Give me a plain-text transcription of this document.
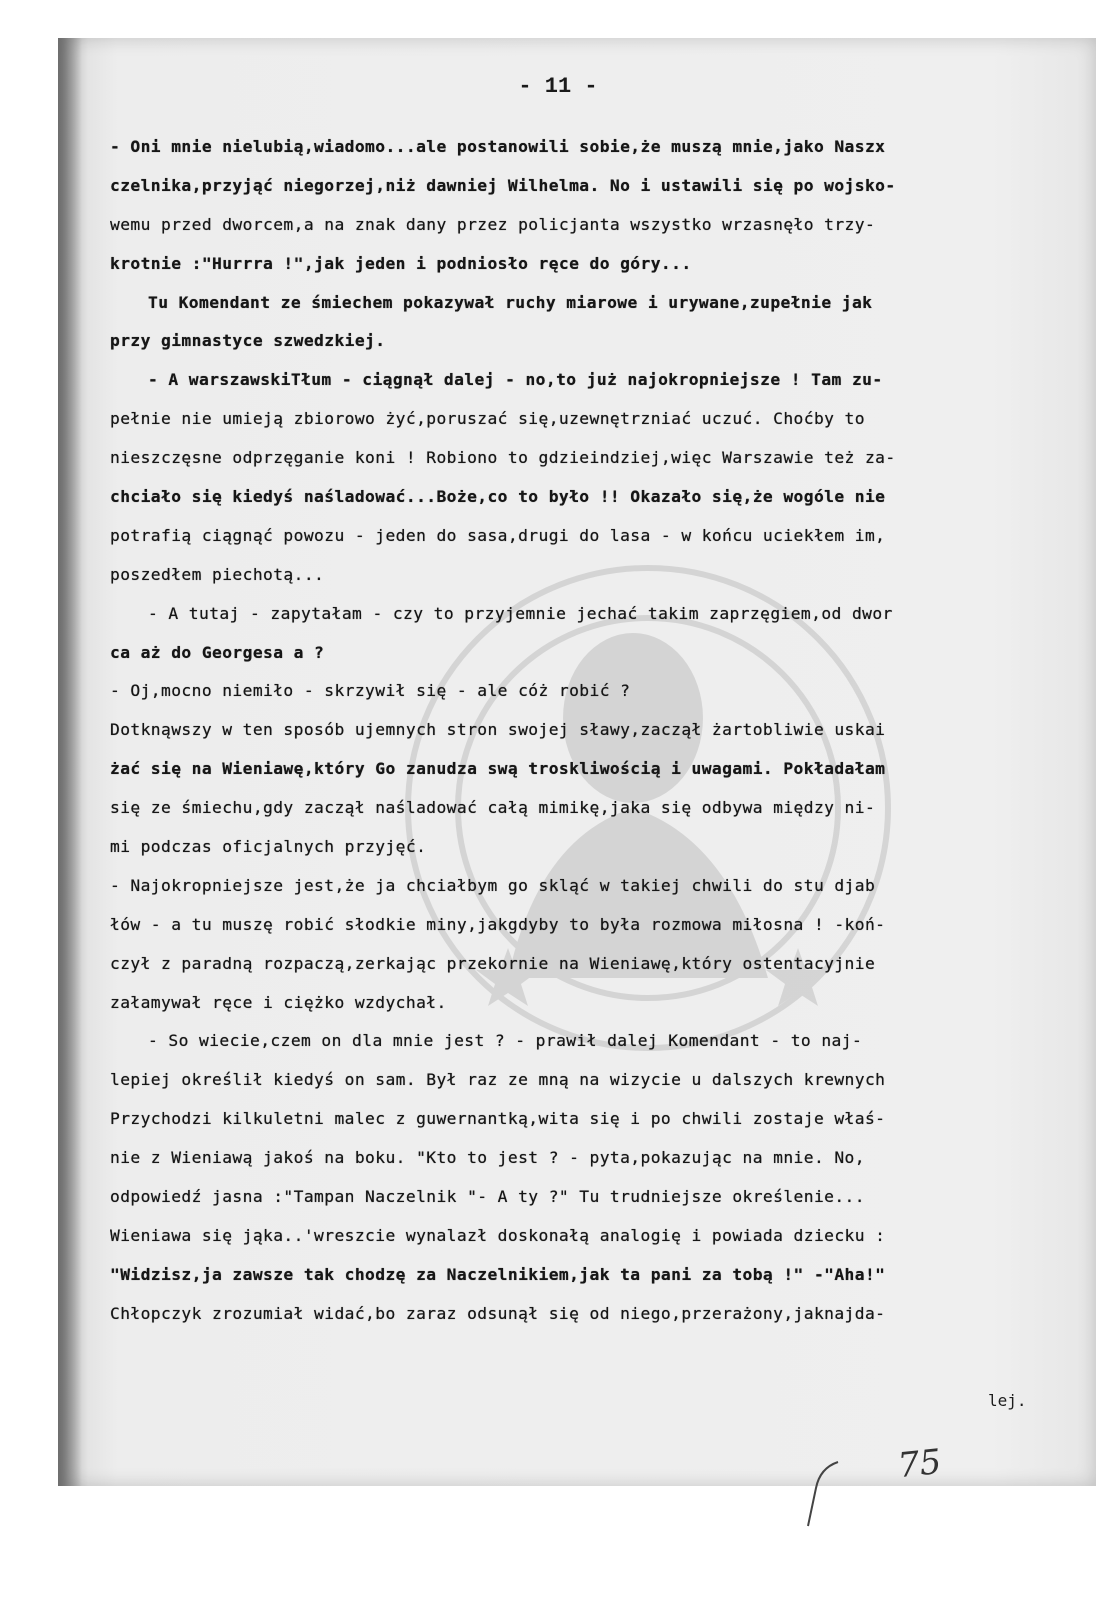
- 11 -
- Oni mnie nielubią,wiadomo...ale postanowili sobie,że muszą mnie,jako Naszx
czelnika,przyjąć niegorzej,niż dawniej Wilhelma. No i ustawili się po wojsko-
wemu przed dworcem,a na znak dany przez policjanta wszystko wrzasnęło trzy-
krotnie :"Hurrra !",jak jeden i podniosło ręce do góry...
Tu Komendant ze śmiechem pokazywał ruchy miarowe i urywane,zupełnie jak
przy gimnastyce szwedzkiej.
- A warszawskiTłum - ciągnął dalej - no,to już najokropniejsze ! Tam zu-
pełnie nie umieją zbiorowo żyć,poruszać się,uzewnętrzniać uczuć. Choćby to
nieszczęsne odprzęganie koni ! Robiono to gdzieindziej,więc Warszawie też za-
chciało się kiedyś naśladować...Boże,co to było !! Okazało się,że wogóle nie
potrafią ciągnąć powozu - jeden do sasa,drugi do lasa - w końcu uciekłem im,
poszedłem piechotą...
- A tutaj - zapytałam - czy to przyjemnie jechać takim zaprzęgiem,od dwor
ca aż do Georgesa a ?
- Oj,mocno niemiło - skrzywił się - ale cóż robić ?
Dotknąwszy w ten sposób ujemnych stron swojej sławy,zaczął żartobliwie uskai
żać się na Wieniawę,który Go zanudza swą troskliwością i uwagami. Pokładałam
się ze śmiechu,gdy zaczął naśladować całą mimikę,jaka się odbywa między ni-
mi podczas oficjalnych przyjęć.
- Najokropniejsze jest,że ja chciałbym go skląć w takiej chwili do stu djab
łów - a tu muszę robić słodkie miny,jakgdyby to była rozmowa miłosna ! -koń-
czył z paradną rozpaczą,zerkając przekornie na Wieniawę,który ostentacyjnie
załamywał ręce i ciężko wzdychał.
- So wiecie,czem on dla mnie jest ? - prawił dalej Komendant - to naj-
lepiej określił kiedyś on sam. Był raz ze mną na wizycie u dalszych krewnych
Przychodzi kilkuletni malec z guwernantką,wita się i po chwili zostaje właś-
nie z Wieniawą jakoś na boku. "Kto to jest ? - pyta,pokazując na mnie. No,
odpowiedź jasna :"Tampan Naczelnik "- A ty ?" Tu trudniejsze określenie...
Wieniawa się jąka..'wreszcie wynalazł doskonałą analogię i powiada dziecku :
"Widzisz,ja zawsze tak chodzę za Naczelnikiem,jak ta pani za tobą !" -"Aha!"
Chłopczyk zrozumiał widać,bo zaraz odsunął się od niego,przerażony,jaknajda-
lej.
75
